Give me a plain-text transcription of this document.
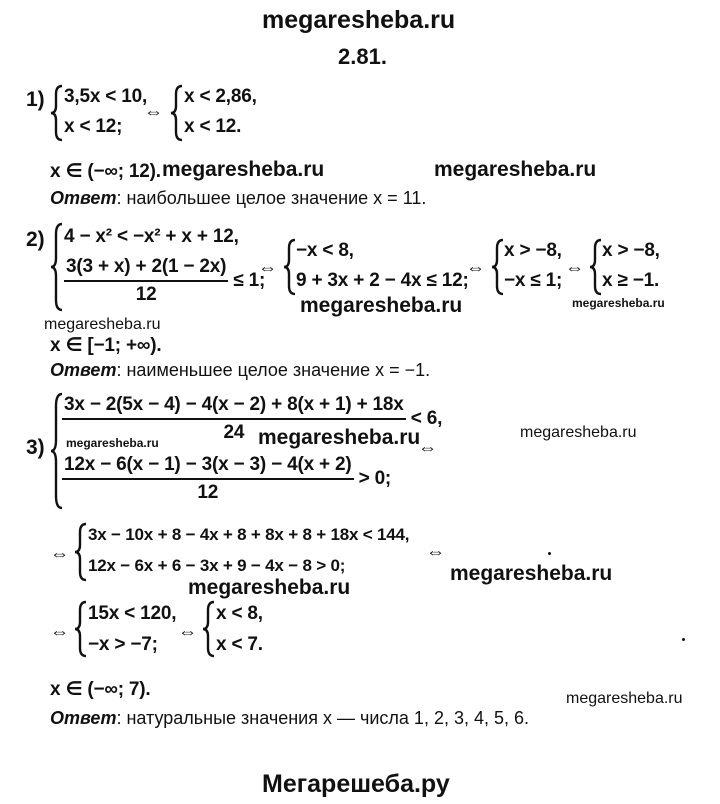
megaresheba.ru
2.81.
1) 3,5x < 10,
x < 12;
⇔
x < 2,86,
x < 12.
x ∈ (−∞; 12). megaresheba.ru	megaresheba.ru
Ответ: наибольшее целое значение x = 11.
2) 4 − x² < −x² + x + 12,
$\frac{3(3 + x) + 2(1 - 2x)}{12} \le 1$;
⇔
−x < 8,
9 + 3x + 2 − 4x ≤ 12;
⇔
x > −8,
−x ≤ 1;
⇔
x > −8,
x ≥ −1.
megaresheba.ru	megaresheba.ru
megaresheba.ru
x ∈ [−1; +∞).
Ответ: наименьшее целое значение x = −1.
3)
$\frac{3x - 2(5x - 4) - 4(x - 2) + 8(x + 1) + 18x}{24} < 6$,
megaresheba.ru	megaresheba.ru	megaresheba.ru
⇔
$\frac{12x - 6(x - 1) - 3(x - 3) - 4(x + 2)}{12} > 0$;
⇔
3x − 10x + 8 − 4x + 8 + 8x + 8 + 18x < 144,
12x − 6x + 6 − 3x + 9 − 4x − 8 > 0;
⇔
megaresheba.ru
megaresheba.ru
⇔
15x < 120,
−x > −7;
⇔
x < 8,
x < 7.
x ∈ (−∞; 7).	megaresheba.ru
Ответ: натуральные значения x — числа 1, 2, 3, 4, 5, 6.
Мегарешеба.ру
